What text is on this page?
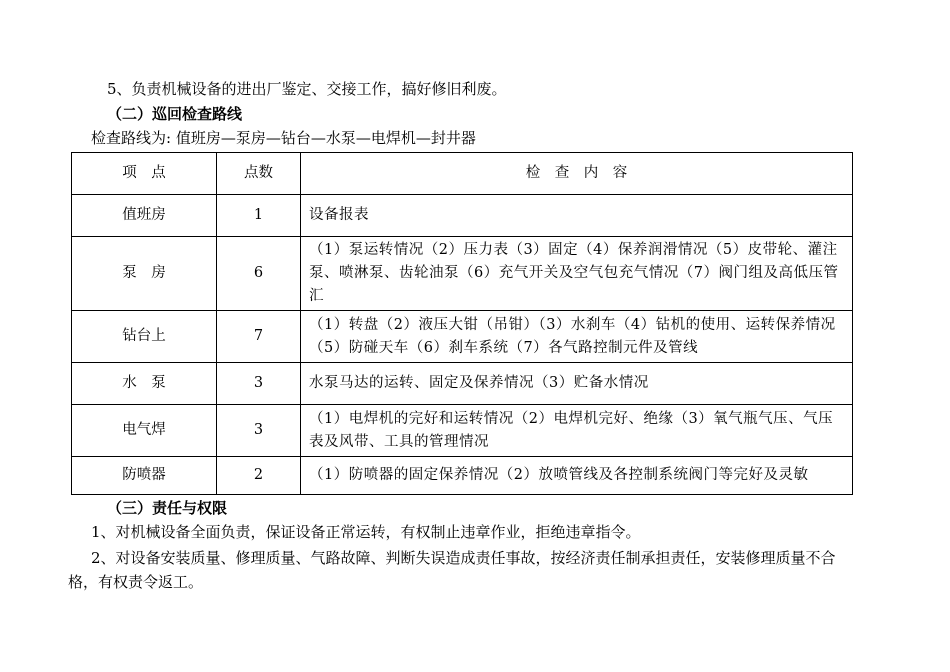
5、负责机械设备的进出厂鉴定、交接工作，搞好修旧利废。
（二）巡回检查路线
检查路线为: 值班房—泵房—钻台—水泵—电焊机—封井器
项　点	点数	检　查　内　容
值班房	1	设备报表
泵　房	6	（1）泵运转情况（2）压力表（3）固定（4）保养润滑情况（5）皮带轮、灌注泵、喷淋泵、齿轮油泵（6）充气开关及空气包充气情况（7）阀门组及高低压管汇
钻台上	7	（1）转盘（2）液压大钳（吊钳）（3）水刹车（4）钻机的使用、运转保养情况（5）防碰天车（6）刹车系统（7）各气路控制元件及管线
水　泵	3	水泵马达的运转、固定及保养情况（3）贮备水情况
电气焊	3	（1）电焊机的完好和运转情况（2）电焊机完好、绝缘（3）氧气瓶气压、气压表及风带、工具的管理情况
防喷器	2	（1）防喷器的固定保养情况（2）放喷管线及各控制系统阀门等完好及灵敏
（三）责任与权限
1、对机械设备全面负责，保证设备正常运转，有权制止违章作业，拒绝违章指令。
2、对设备安装质量、修理质量、气路故障、判断失误造成责任事故，按经济责任制承担责任，安装修理质量不合
格，有权责令返工。
